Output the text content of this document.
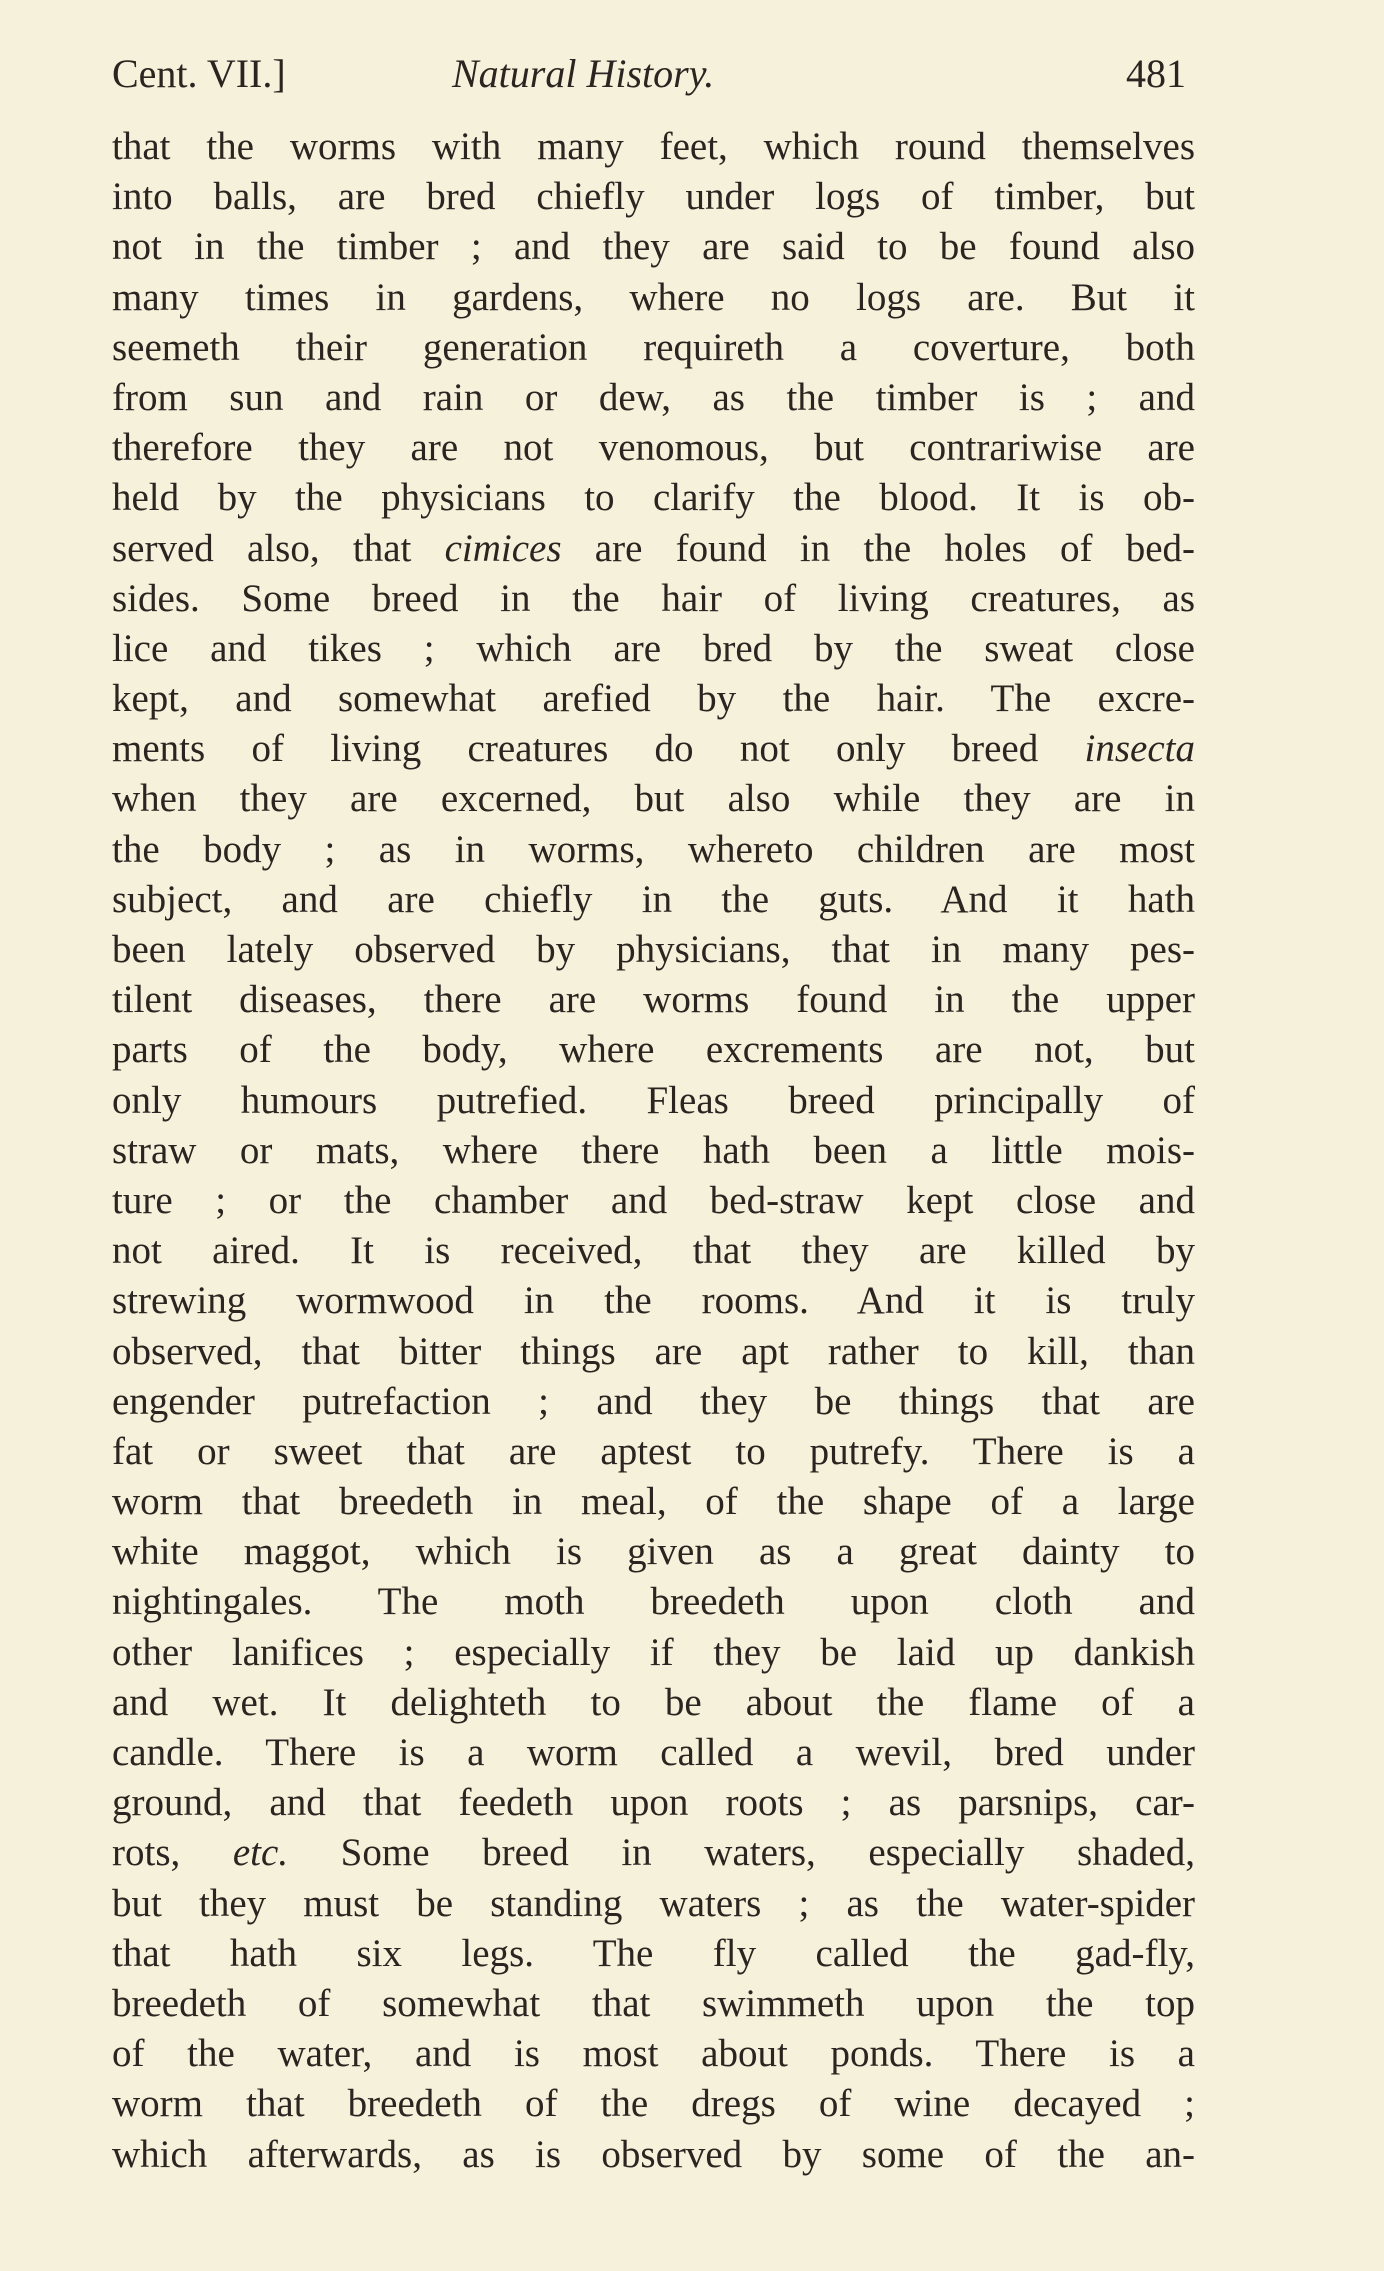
Cent. VII.]	Natural History.	481
that the worms with many feet, which round themselves
into balls, are bred chiefly under logs of timber, but
not in the timber ; and they are said to be found also
many times in gardens, where no logs are. But it
seemeth their generation requireth a coverture, both
from sun and rain or dew, as the timber is ; and
therefore they are not venomous, but contrariwise are
held by the physicians to clarify the blood. It is ob-
served also, that cimices are found in the holes of bed-
sides. Some breed in the hair of living creatures, as
lice and tikes ; which are bred by the sweat close
kept, and somewhat arefied by the hair. The excre-
ments of living creatures do not only breed insecta
when they are excerned, but also while they are in
the body ; as in worms, whereto children are most
subject, and are chiefly in the guts. And it hath
been lately observed by physicians, that in many pes-
tilent diseases, there are worms found in the upper
parts of the body, where excrements are not, but
only humours putrefied. Fleas breed principally of
straw or mats, where there hath been a little mois-
ture ; or the chamber and bed-straw kept close and
not aired. It is received, that they are killed by
strewing wormwood in the rooms. And it is truly
observed, that bitter things are apt rather to kill, than
engender putrefaction ; and they be things that are
fat or sweet that are aptest to putrefy. There is a
worm that breedeth in meal, of the shape of a large
white maggot, which is given as a great dainty to
nightingales. The moth breedeth upon cloth and
other lanifices ; especially if they be laid up dankish
and wet. It delighteth to be about the flame of a
candle. There is a worm called a wevil, bred under
ground, and that feedeth upon roots ; as parsnips, car-
rots, etc. Some breed in waters, especially shaded,
but they must be standing waters ; as the water-spider
that hath six legs. The fly called the gad-fly,
breedeth of somewhat that swimmeth upon the top
of the water, and is most about ponds. There is a
worm that breedeth of the dregs of wine decayed ;
which afterwards, as is observed by some of the an-
